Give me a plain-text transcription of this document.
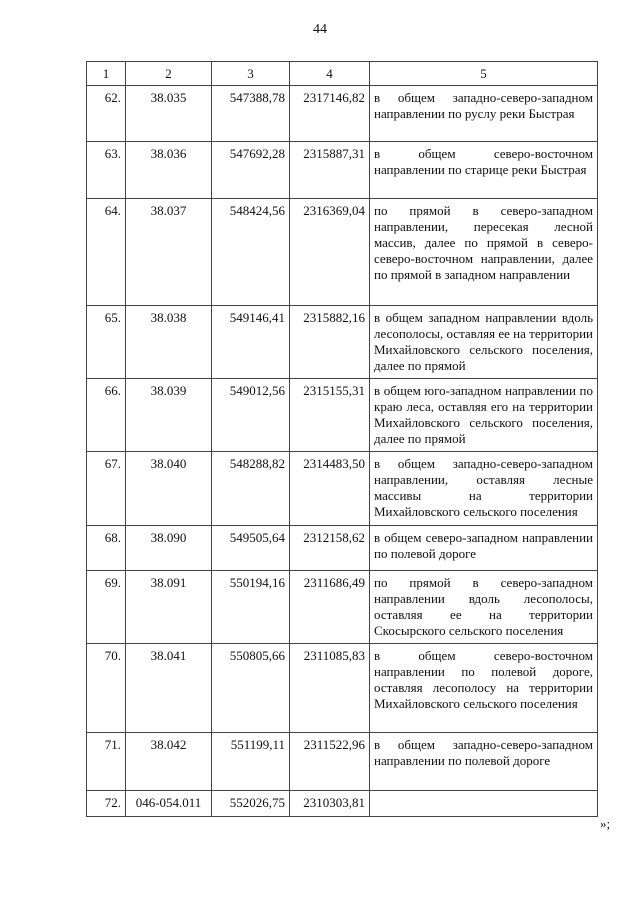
44
1	2	3	4	5
62.	38.035	547388,78	2317146,82	в общем западно-северо-западном направлении по руслу реки Быстрая
63.	38.036	547692,28	2315887,31	в общем северо-восточном направлении по старице реки Быстрая
64.	38.037	548424,56	2316369,04	по прямой в северо-западном направлении, пересекая лесной массив, далее по прямой в северо-северо-восточном направлении, далее по прямой в западном направлении
65.	38.038	549146,41	2315882,16	в общем западном направлении вдоль лесополосы, оставляя ее на территории Михайловского сельского поселения, далее по прямой
66.	38.039	549012,56	2315155,31	в общем юго-западном направлении по краю леса, оставляя его на территории Михайловского сельского поселения, далее по прямой
67.	38.040	548288,82	2314483,50	в общем западно-северо-западном направлении, оставляя лесные массивы на территории Михайловского сельского поселения
68.	38.090	549505,64	2312158,62	в общем северо-западном направлении по полевой дороге
69.	38.091	550194,16	2311686,49	по прямой в северо-западном направлении вдоль лесополосы, оставляя ее на территории Скосырского сельского поселения
70.	38.041	550805,66	2311085,83	в общем северо-восточном направлении по полевой дороге, оставляя лесополосу на территории Михайловского сельского поселения
71.	38.042	551199,11	2311522,96	в общем западно-северо-западном направлении по полевой дороге
72.	046-054.011	552026,75	2310303,81	
»;
